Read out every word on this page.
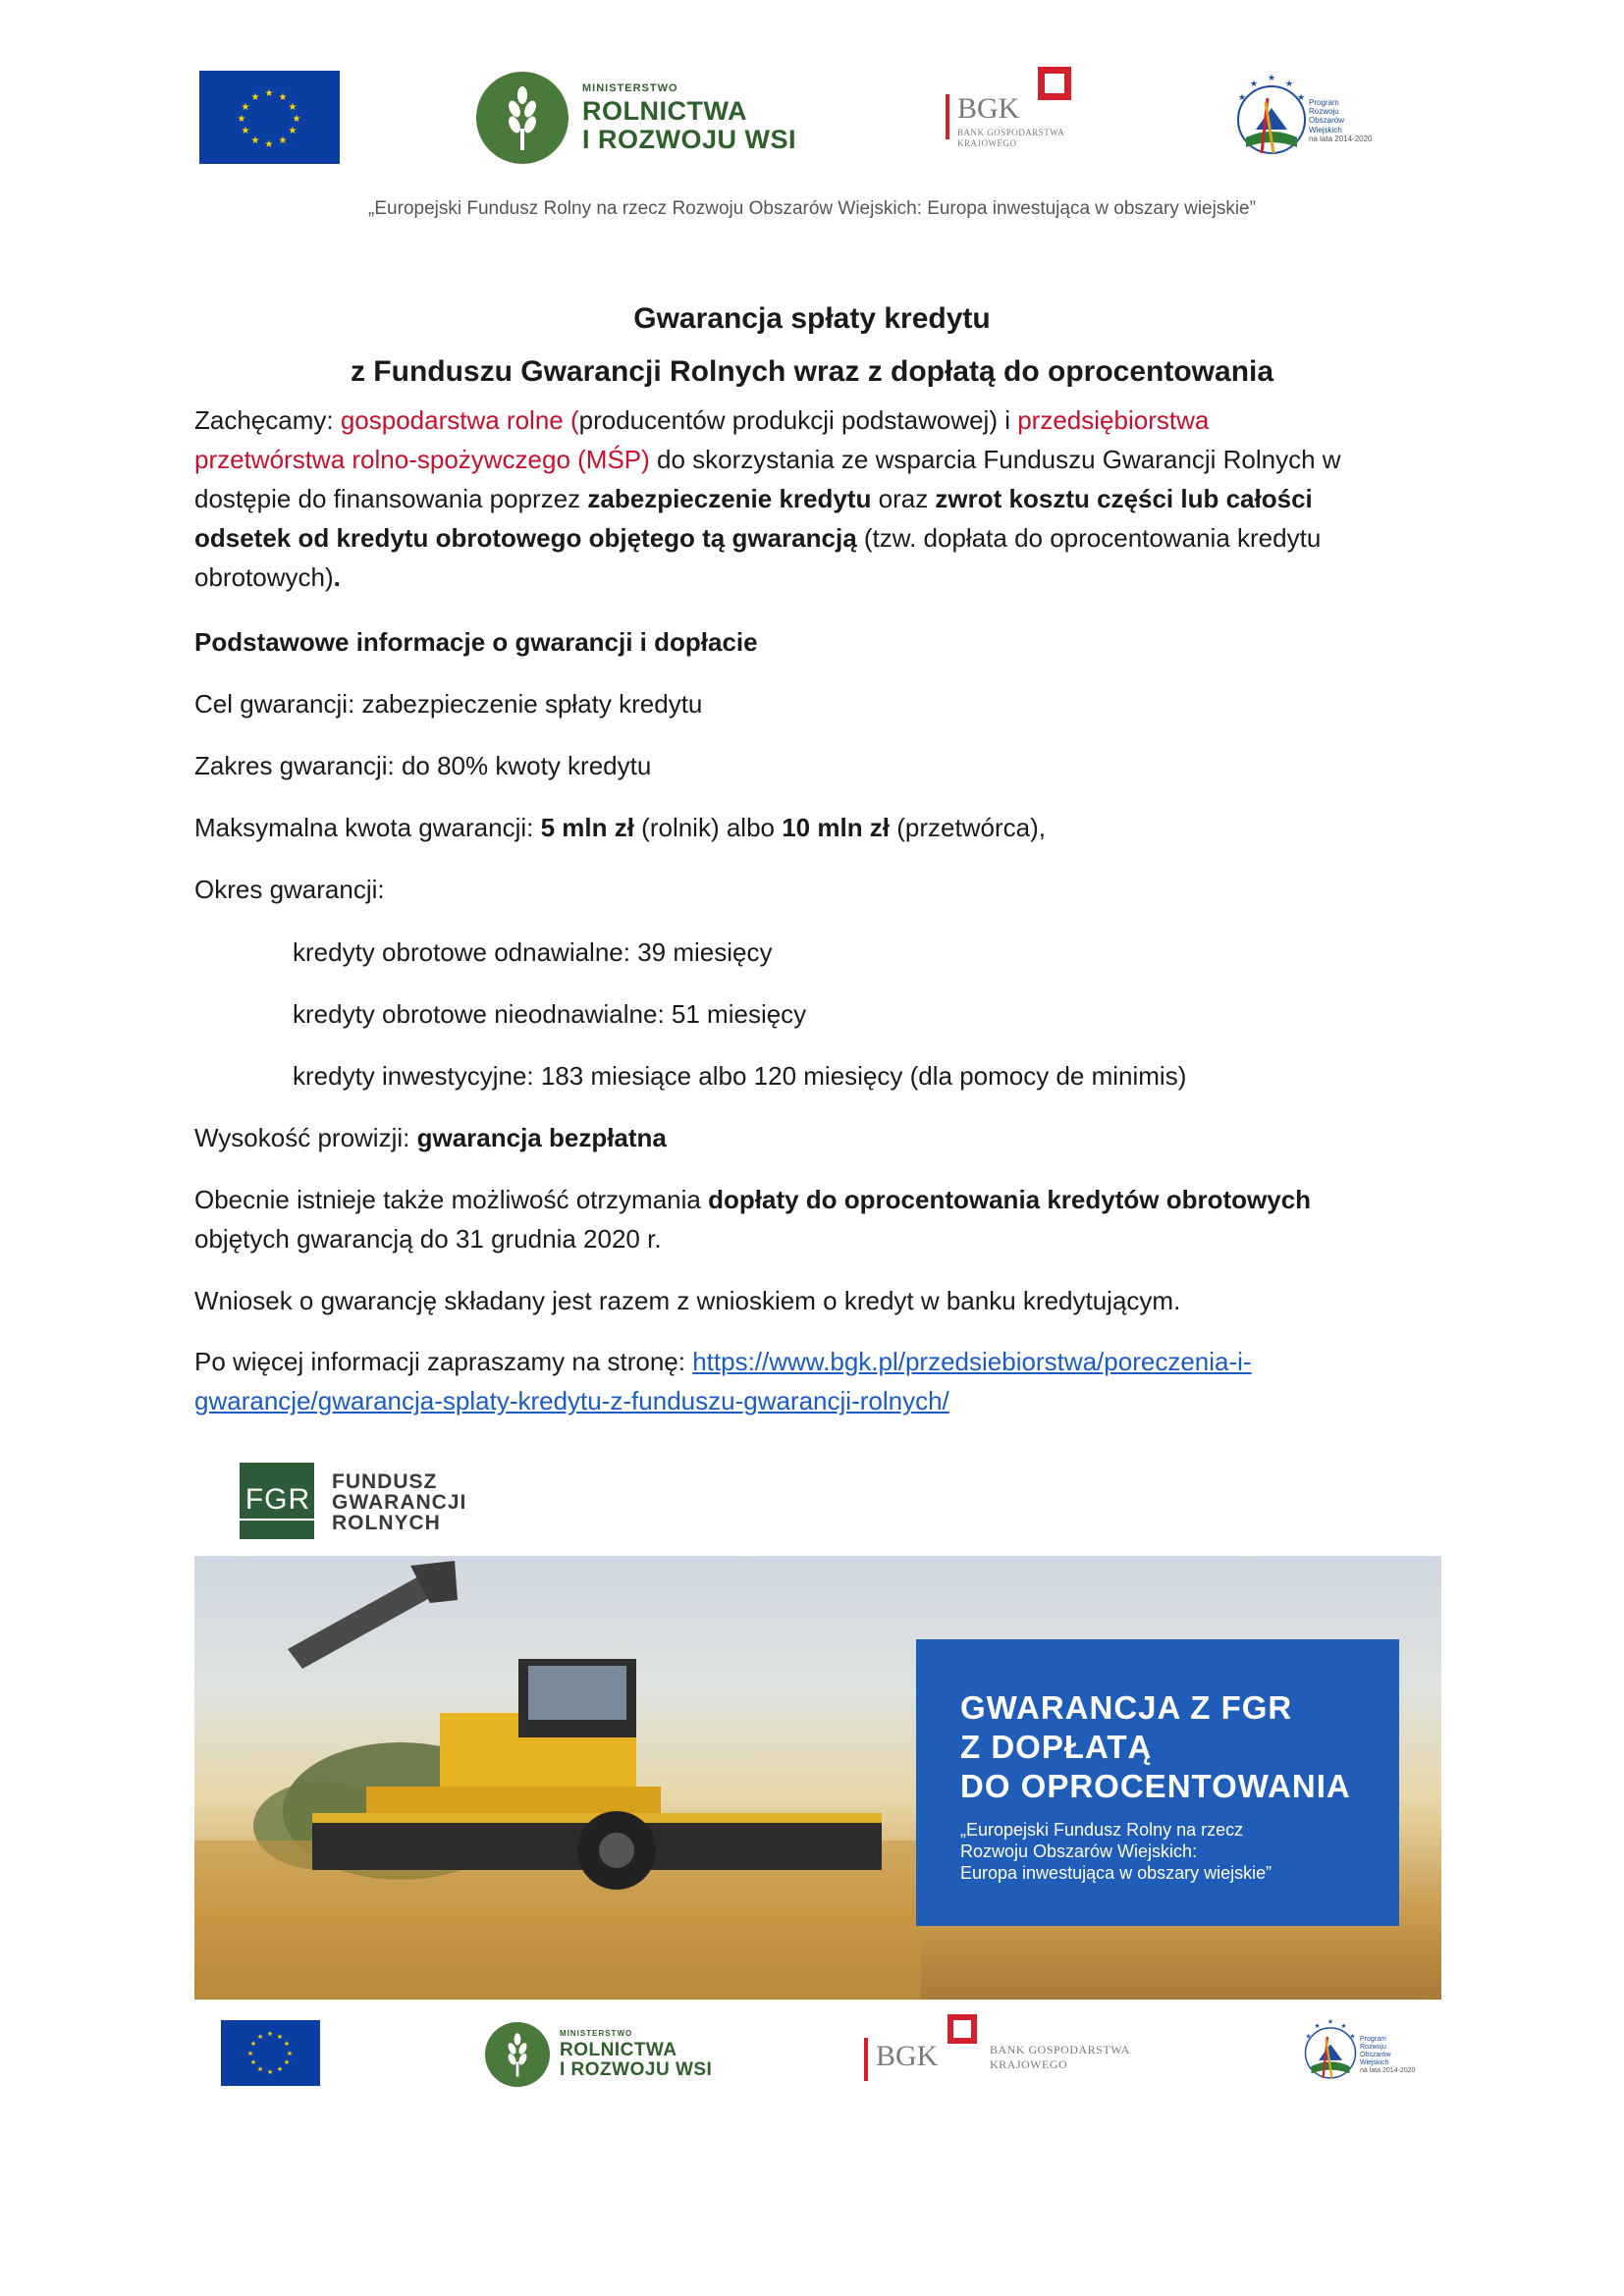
★ ★
★
★
★
★
★
★
★
★
★
★
MINISTERSTWO
ROLNICTWA
I ROZWOJU WSI
BGK
BANK GOSPODARSTWA
KRAJOWEGO
★
★	★
★	★ Program
Rozwoju
Obszarów
Wiejskich
na lata 2014-2020
„Europejski Fundusz Rolny na rzecz Rozwoju Obszarów Wiejskich: Europa inwestująca w obszary wiejskie”
Gwarancja spłaty kredytu
z Funduszu Gwarancji Rolnych wraz z dopłatą do oprocentowania
Zachęcamy: gospodarstwa rolne (producentów produkcji podstawowej) i przedsiębiorstwa
przetwórstwa rolno-spożywczego (MŚP) do skorzystania ze wsparcia Funduszu Gwarancji Rolnych w
dostępie do finansowania poprzez zabezpieczenie kredytu oraz zwrot kosztu części lub całości
odsetek od kredytu obrotowego objętego tą gwarancją (tzw. dopłata do oprocentowania kredytu
obrotowych).
Podstawowe informacje o gwarancji i dopłacie
Cel gwarancji: zabezpieczenie spłaty kredytu
Zakres gwarancji: do 80% kwoty kredytu
Maksymalna kwota gwarancji: 5 mln zł (rolnik) albo 10 mln zł (przetwórca),
Okres gwarancji:
kredyty obrotowe odnawialne: 39 miesięcy
kredyty obrotowe nieodnawialne: 51 miesięcy
kredyty inwestycyjne: 183 miesiące albo 120 miesięcy (dla pomocy de minimis)
Wysokość prowizji: gwarancja bezpłatna
Obecnie istnieje także możliwość otrzymania dopłaty do oprocentowania kredytów obrotowych
objętych gwarancją do 31 grudnia 2020 r.
Wniosek o gwarancję składany jest razem z wnioskiem o kredyt w banku kredytującym.
Po więcej informacji zapraszamy na stronę: https://www.bgk.pl/przedsiebiorstwa/poreczenia-i-
gwarancje/gwarancja-splaty-kredytu-z-funduszu-gwarancji-rolnych/
FGR
FUNDUSZ
GWARANCJI
ROLNYCH
GWARANCJA Z FGR
Z DOPŁATĄ
DO OPROCENTOWANIA
„Europejski Fundusz Rolny na rzecz
Rozwoju Obszarów Wiejskich:
Europa inwestująca w obszary wiejskie”
★ ★
★
★
★
★
★
★
★
★
★
★	MINISTERSTWO
ROLNICTWA
I ROZWOJU WSI	BGK	BANK GOSPODARSTWA
KRAJOWEGO
★
★ ★
★	★ Program
Rozwoju
Obszarów
Wiejskich
na lata 2014-2020
